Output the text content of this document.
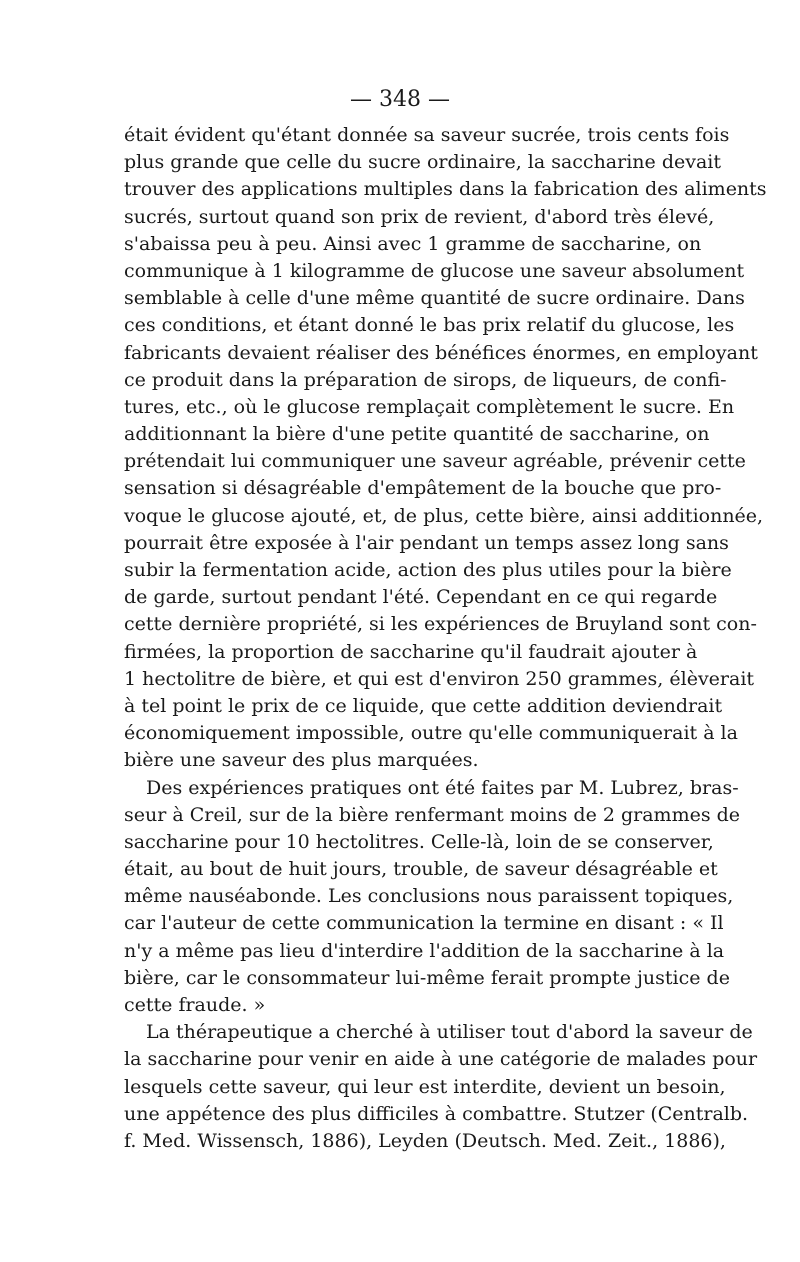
— 348 —
était évident qu'étant donnée sa saveur sucrée, trois cents fois
plus grande que celle du sucre ordinaire, la saccharine devait
trouver des applications multiples dans la fabrication des aliments
sucrés, surtout quand son prix de revient, d'abord très élevé,
s'abaissa peu à peu. Ainsi avec 1 gramme de saccharine, on
communique à 1 kilogramme de glucose une saveur absolument
semblable à celle d'une même quantité de sucre ordinaire. Dans
ces conditions, et étant donné le bas prix relatif du glucose, les
fabricants devaient réaliser des bénéfices énormes, en employant
ce produit dans la préparation de sirops, de liqueurs, de confi-
tures, etc., où le glucose remplaçait complètement le sucre. En
additionnant la bière d'une petite quantité de saccharine, on
prétendait lui communiquer une saveur agréable, prévenir cette
sensation si désagréable d'empâtement de la bouche que pro-
voque le glucose ajouté, et, de plus, cette bière, ainsi additionnée,
pourrait être exposée à l'air pendant un temps assez long sans
subir la fermentation acide, action des plus utiles pour la bière
de garde, surtout pendant l'été. Cependant en ce qui regarde
cette dernière propriété, si les expériences de Bruyland sont con-
firmées, la proportion de saccharine qu'il faudrait ajouter à
1 hectolitre de bière, et qui est d'environ 250 grammes, élèverait
à tel point le prix de ce liquide, que cette addition deviendrait
économiquement impossible, outre qu'elle communiquerait à la
bière une saveur des plus marquées.
Des expériences pratiques ont été faites par M. Lubrez, bras-
seur à Creil, sur de la bière renfermant moins de 2 grammes de
saccharine pour 10 hectolitres. Celle-là, loin de se conserver,
était, au bout de huit jours, trouble, de saveur désagréable et
même nauséabonde. Les conclusions nous paraissent topiques,
car l'auteur de cette communication la termine en disant : « Il
n'y a même pas lieu d'interdire l'addition de la saccharine à la
bière, car le consommateur lui-même ferait prompte justice de
cette fraude. »
La thérapeutique a cherché à utiliser tout d'abord la saveur de
la saccharine pour venir en aide à une catégorie de malades pour
lesquels cette saveur, qui leur est interdite, devient un besoin,
une appétence des plus difficiles à combattre. Stutzer (Centralb.
f. Med. Wissensch, 1886), Leyden (Deutsch. Med. Zeit., 1886),
